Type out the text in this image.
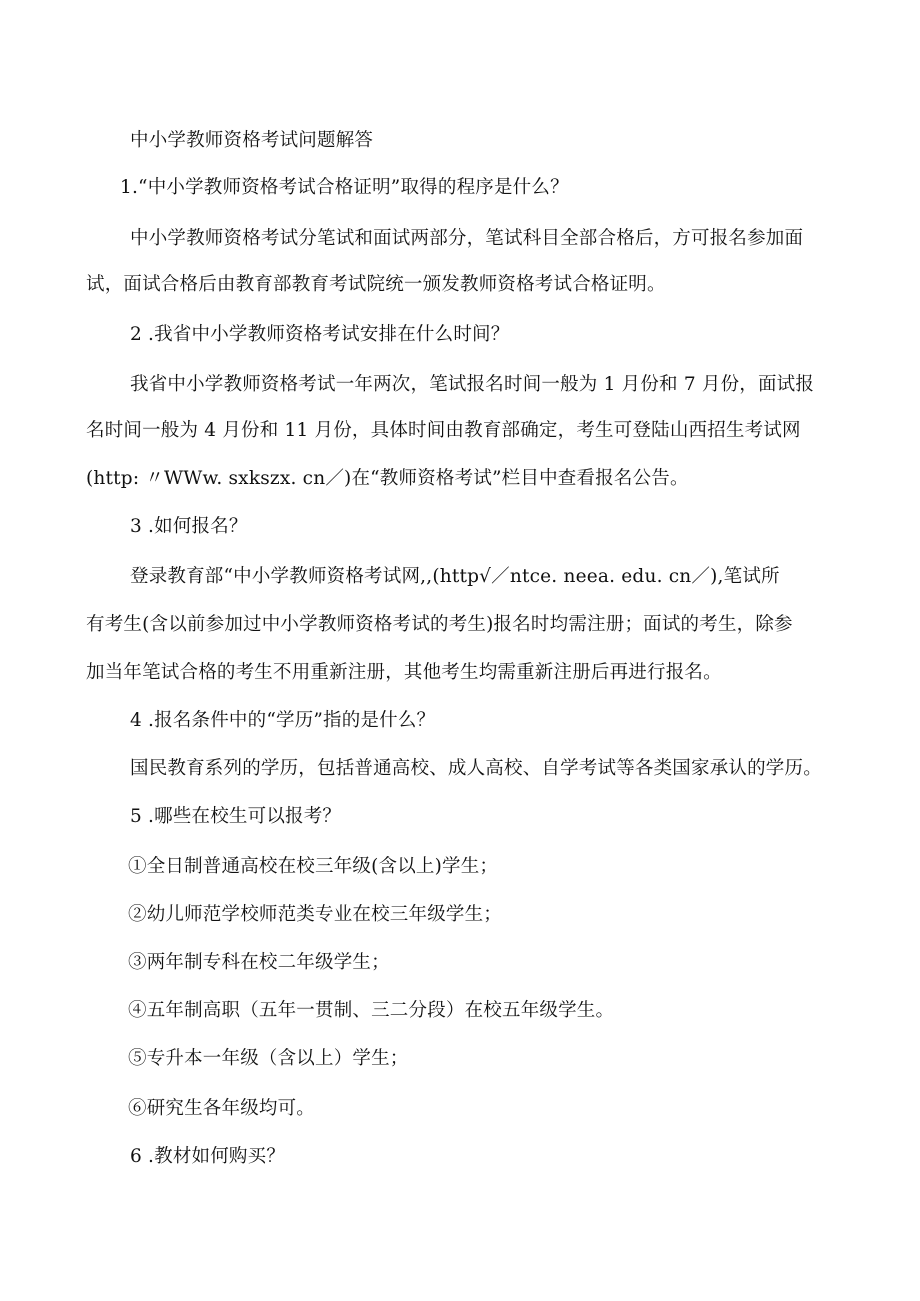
中小学教师资格考试问题解答
1.“中小学教师资格考试合格证明”取得的程序是什么？
中小学教师资格考试分笔试和面试两部分，笔试科目全部合格后，方可报名参加面
试，面试合格后由教育部教育考试院统一颁发教师资格考试合格证明。
2 .我省中小学教师资格考试安排在什么时间？
我省中小学教师资格考试一年两次，笔试报名时间一般为 1 月份和 7 月份，面试报
名时间一般为 4 月份和 11 月份，具体时间由教育部确定，考生可登陆山西招生考试网
(http: 〃WWw. sxkszx. cn／)在“教师资格考试”栏目中查看报名公告。
3 .如何报名？
登录教育部“中小学教师资格考试网,,(http√／ntce. neea. edu. cn／),笔试所
有考生(含以前参加过中小学教师资格考试的考生)报名时均需注册；面试的考生，除参
加当年笔试合格的考生不用重新注册，其他考生均需重新注册后再进行报名。
4 .报名条件中的“学历”指的是什么？
国民教育系列的学历，包括普通高校、成人高校、自学考试等各类国家承认的学历。
5 .哪些在校生可以报考？
①全日制普通高校在校三年级(含以上)学生；
②幼儿师范学校师范类专业在校三年级学生；
③两年制专科在校二年级学生；
④五年制高职（五年一贯制、三二分段）在校五年级学生。
⑤专升本一年级（含以上）学生；
⑥研究生各年级均可。
6 .教材如何购买？
